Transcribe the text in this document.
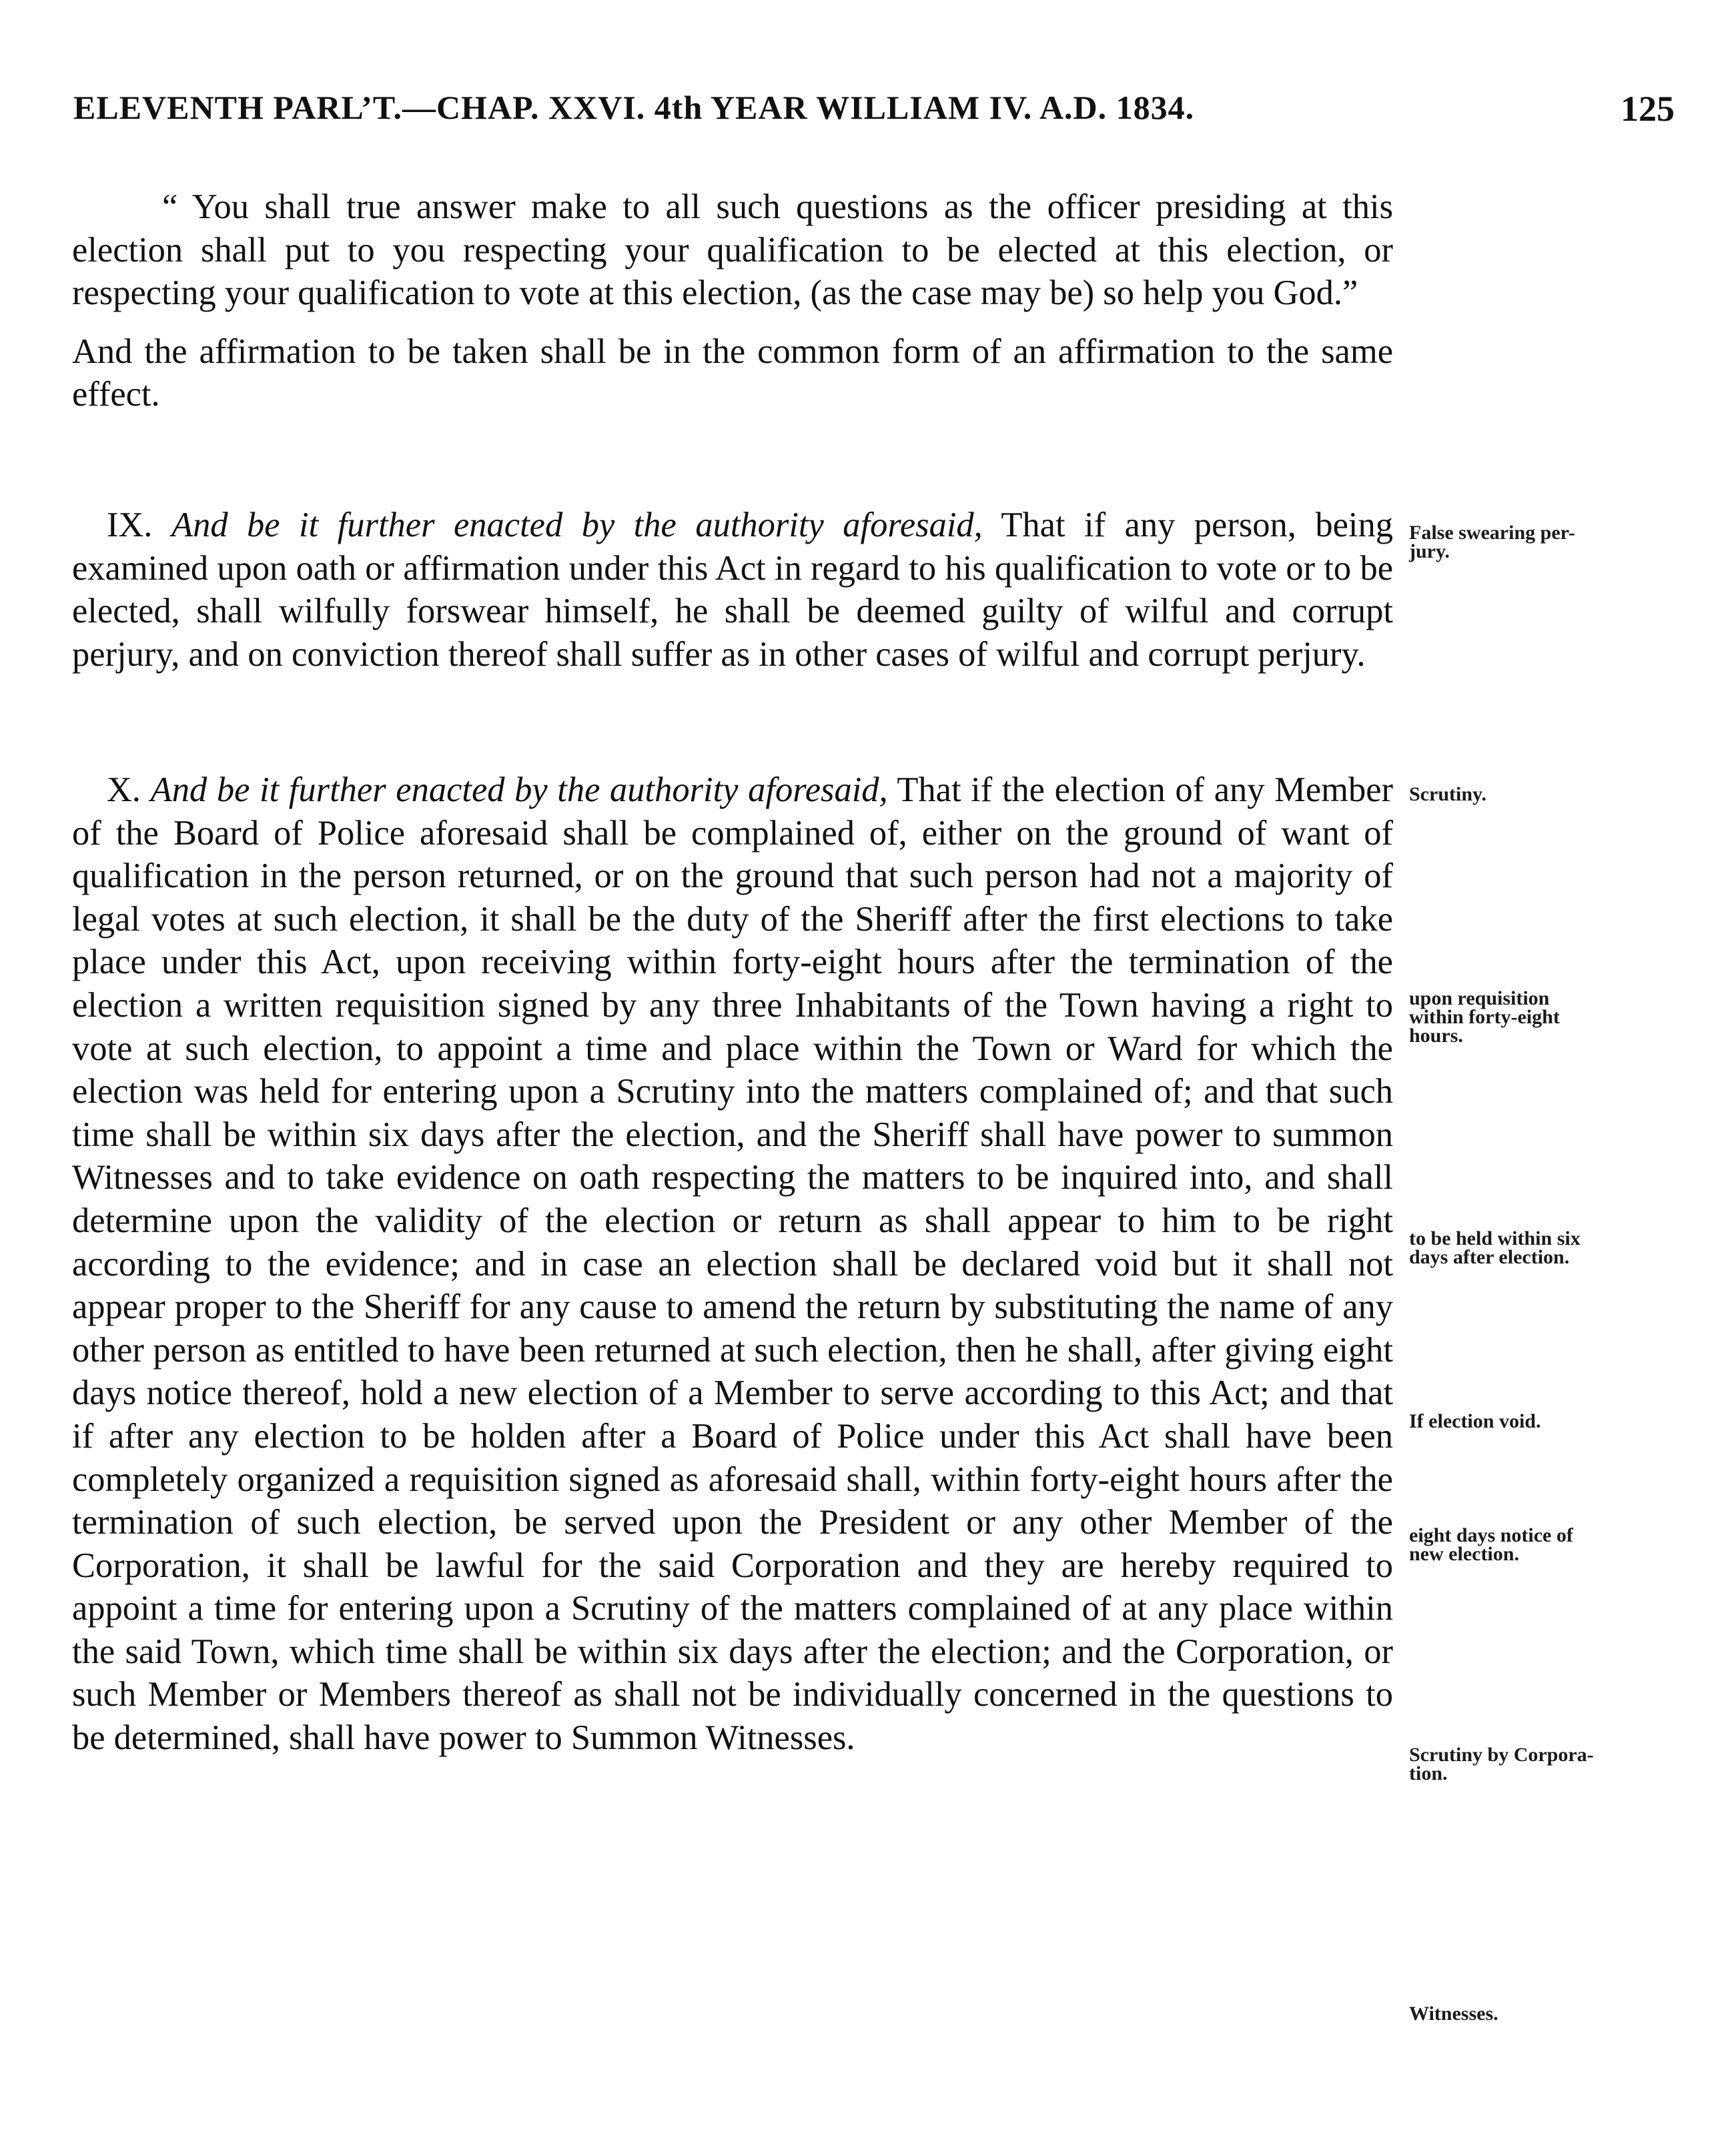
ELEVENTH PARL’T.—CHAP. XXVI. 4th YEAR WILLIAM IV. A.D. 1834.	125

“ You shall true answer make to all such questions as the officer presiding at this election shall put to you respecting your qualification to be elected at this election, or respecting your qualification to vote at this election, (as the case may be) so help you God.”

And the affirmation to be taken shall be in the common form of an affirmation to the same effect.

IX. And be it further enacted by the authority aforesaid, That if any person, being examined upon oath or affirmation under this Act in regard to his qualification to vote or to be elected, shall wilfully forswear himself, he shall be deemed guilty of wilful and corrupt perjury, and on conviction thereof shall suffer as in other cases of wilful and corrupt perjury.

X. And be it further enacted by the authority aforesaid, That if the election of any Member of the Board of Police aforesaid shall be complained of, either on the ground of want of qualification in the person returned, or on the ground that such person had not a majority of legal votes at such election, it shall be the duty of the Sheriff after the first elections to take place under this Act, upon receiving within forty-eight hours after the termination of the election a written requisition signed by any three Inhabitants of the Town having a right to vote at such election, to appoint a time and place within the Town or Ward for which the election was held for entering upon a Scrutiny into the matters complained of; and that such time shall be within six days after the election, and the Sheriff shall have power to summon Witnesses and to take evidence on oath respecting the matters to be inquired into, and shall determine upon the validity of the election or return as shall appear to him to be right according to the evidence; and in case an election shall be declared void but it shall not appear proper to the Sheriff for any cause to amend the return by substituting the name of any other person as entitled to have been returned at such election, then he shall, after giving eight days notice thereof, hold a new election of a Member to serve according to this Act; and that if after any election to be holden after a Board of Police under this Act shall have been completely organized a requisition signed as aforesaid shall, within forty-eight hours after the termination of such election, be served upon the President or any other Member of the Corporation, it shall be lawful for the said Corporation and they are hereby required to appoint a time for entering upon a Scrutiny of the matters complained of at any place within the said Town, which time shall be within six days after the election; and the Corporation, or such Member or Members thereof as shall not be individually concerned in the questions to be determined, shall have power to Summon Witnesses.

False swearing per-
jury.
Scrutiny.
upon requisition
within forty-eight
hours.
to be held within six
days after election.
If election void.
eight days notice of
new election.
Scrutiny by Corpora-
tion.
Witnesses.
